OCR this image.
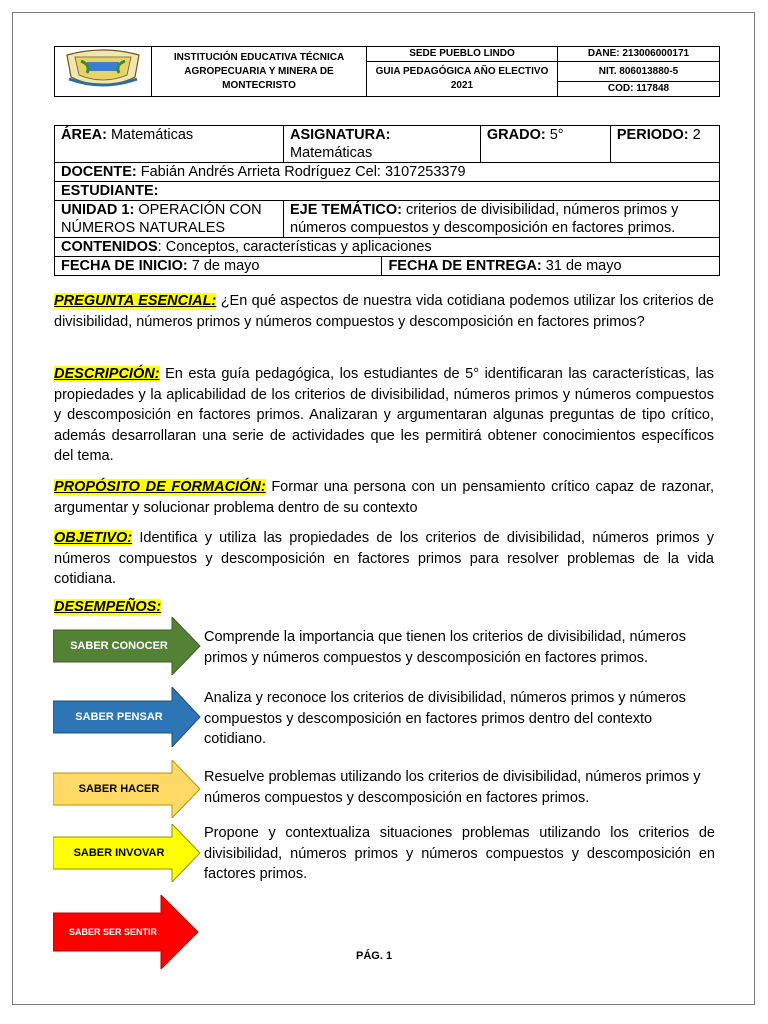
	INSTITUCIÓN EDUCATIVA TÉCNICA AGROPECUARIA Y MINERA DE MONTECRISTO	SEDE PUEBLO LINDO	DANE: 213006000171
		GUIA PEDAGÓGICA AÑO ELECTIVO 2021	NIT. 806013880-5
			COD: 117848
ÁREA: Matemáticas	ASIGNATURA: Matemáticas		GRADO: 5°	PERIODO: 2
DOCENTE: Fabián Andrés Arrieta Rodríguez Cel: 3107253379				
ESTUDIANTE:				
UNIDAD 1: OPERACIÓN CON NÚMEROS NATURALES	EJE TEMÁTICO: criterios de divisibilidad, números primos y números compuestos y descomposición en factores primos.			
CONTENIDOS: Conceptos, características y aplicaciones				
FECHA DE INICIO: 7 de mayo		FECHA DE ENTREGA: 31 de mayo		

PREGUNTA ESENCIAL: ¿En qué aspectos de nuestra vida cotidiana podemos utilizar los criterios de divisibilidad, números primos y números compuestos y descomposición en factores primos?

DESCRIPCIÓN: En esta guía pedagógica, los estudiantes de 5° identificaran las características, las propiedades y la aplicabilidad de los criterios de divisibilidad, números primos y números compuestos y descomposición en factores primos. Analizaran y argumentaran algunas preguntas de tipo crítico, además desarrollaran una serie de actividades que les permitirá obtener conocimientos específicos del tema.

PROPÓSITO DE FORMACIÓN: Formar una persona con un pensamiento crítico capaz de razonar, argumentar y solucionar problema dentro de su contexto

OBJETIVO: Identifica y utiliza las propiedades de los criterios de divisibilidad, números primos y números compuestos y descomposición en factores primos para resolver problemas de la vida cotidiana.

DESEMPEÑOS:

SABER CONOCER

Comprende la importancia que tienen los criterios de divisibilidad, números primos y números compuestos y descomposición en factores primos.

SABER PENSAR

Analiza y reconoce los criterios de divisibilidad, números primos y números compuestos y descomposición en factores primos dentro del contexto cotidiano.

SABER HACER

Resuelve problemas utilizando los criterios de divisibilidad, números primos y números compuestos y descomposición en factores primos.

SABER INVOVAR

Propone y contextualiza situaciones problemas utilizando los criterios de divisibilidad, números primos y números compuestos y descomposición en factores primos.

SABER SER SENTIR
PÁG. 1
